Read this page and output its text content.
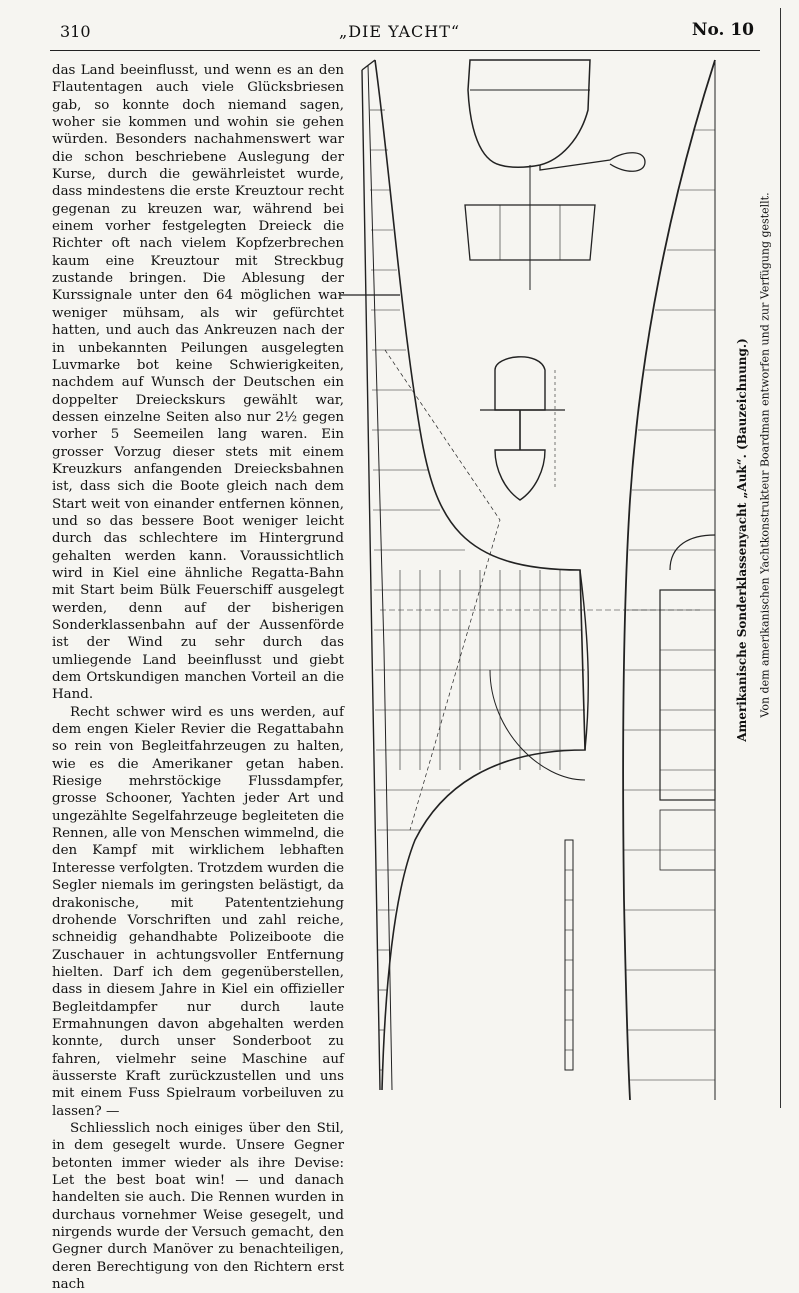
310	„DIE YACHT“	No. 10

das Land beeinflusst, und wenn es an den Flautentagen auch viele Glücksbriesen gab, so konnte doch niemand sagen, woher sie kommen und wohin sie gehen würden. Besonders nachahmenswert war die schon beschriebene Auslegung der Kurse, durch die gewährleistet wurde, dass mindestens die erste Kreuztour recht gegenan zu kreuzen war, während bei einem vorher festgelegten Dreieck die Richter oft nach vielem Kopfzerbrechen kaum eine Kreuztour mit Streckbug zustande bringen. Die Ablesung der Kurssignale unter den 64 möglichen war weniger mühsam, als wir gefürchtet hatten, und auch das Ankreuzen nach der in unbekannten Peilungen ausgelegten Luvmarke bot keine Schwierigkeiten, nachdem auf Wunsch der Deutschen ein doppelter Dreieckskurs gewählt war, dessen einzelne Seiten also nur 2½ gegen vorher 5 Seemeilen lang waren. Ein grosser Vorzug dieser stets mit einem Kreuzkurs anfangenden Dreiecksbahnen ist, dass sich die Boote gleich nach dem Start weit von einander entfernen können, und so das bessere Boot weniger leicht durch das schlechtere im Hintergrund gehalten werden kann. Voraussichtlich wird in Kiel eine ähnliche Regatta-Bahn mit Start beim Bülk Feuerschiff ausgelegt werden, denn auf der bisherigen Sonderklassenbahn auf der Aussenförde ist der Wind zu sehr durch das umliegende Land beeinflusst und giebt dem Ortskundigen manchen Vorteil an die Hand.

Recht schwer wird es uns werden, auf dem engen Kieler Revier die Regattabahn so rein von Begleitfahrzeugen zu halten, wie es die Amerikaner getan haben. Riesige mehrstöckige Flussdampfer, grosse Schooner, Yachten jeder Art und ungezählte Segelfahrzeuge begleiteten die Rennen, alle von Menschen wimmelnd, die den Kampf mit wirklichem lebhaften Interesse verfolgten. Trotzdem wurden die Segler niemals im geringsten belästigt, da drakonische, mit Patententziehung drohende Vorschriften und zahl reiche, schneidig gehandhabte Polizeiboote die Zuschauer in achtungsvoller Entfernung hielten. Darf ich dem gegenüberstellen, dass in diesem Jahre in Kiel ein offizieller Begleitdampfer nur durch laute Ermahnungen davon abgehalten werden konnte, durch unser Sonderboot zu fahren, vielmehr seine Maschine auf äusserste Kraft zurückzustellen und uns mit einem Fuss Spielraum vorbeiluven zu lassen? —

Schliesslich noch einiges über den Stil, in dem gesegelt wurde. Unsere Gegner betonten immer wieder als ihre Devise: Let the best boat win! — und danach handelten sie auch. Die Rennen wurden in durchaus vornehmer Weise gesegelt, und nirgends wurde der Versuch gemacht, den Gegner durch Manöver zu benachteiligen, deren Berechtigung von den Richtern erst nach

Amerikanische Sonderklassenyacht „Auk“. (Bauzeichnung.) Von dem amerikanischen Yachtkonstrukteur Boardman entworfen und zur Verfügung gestellt.
